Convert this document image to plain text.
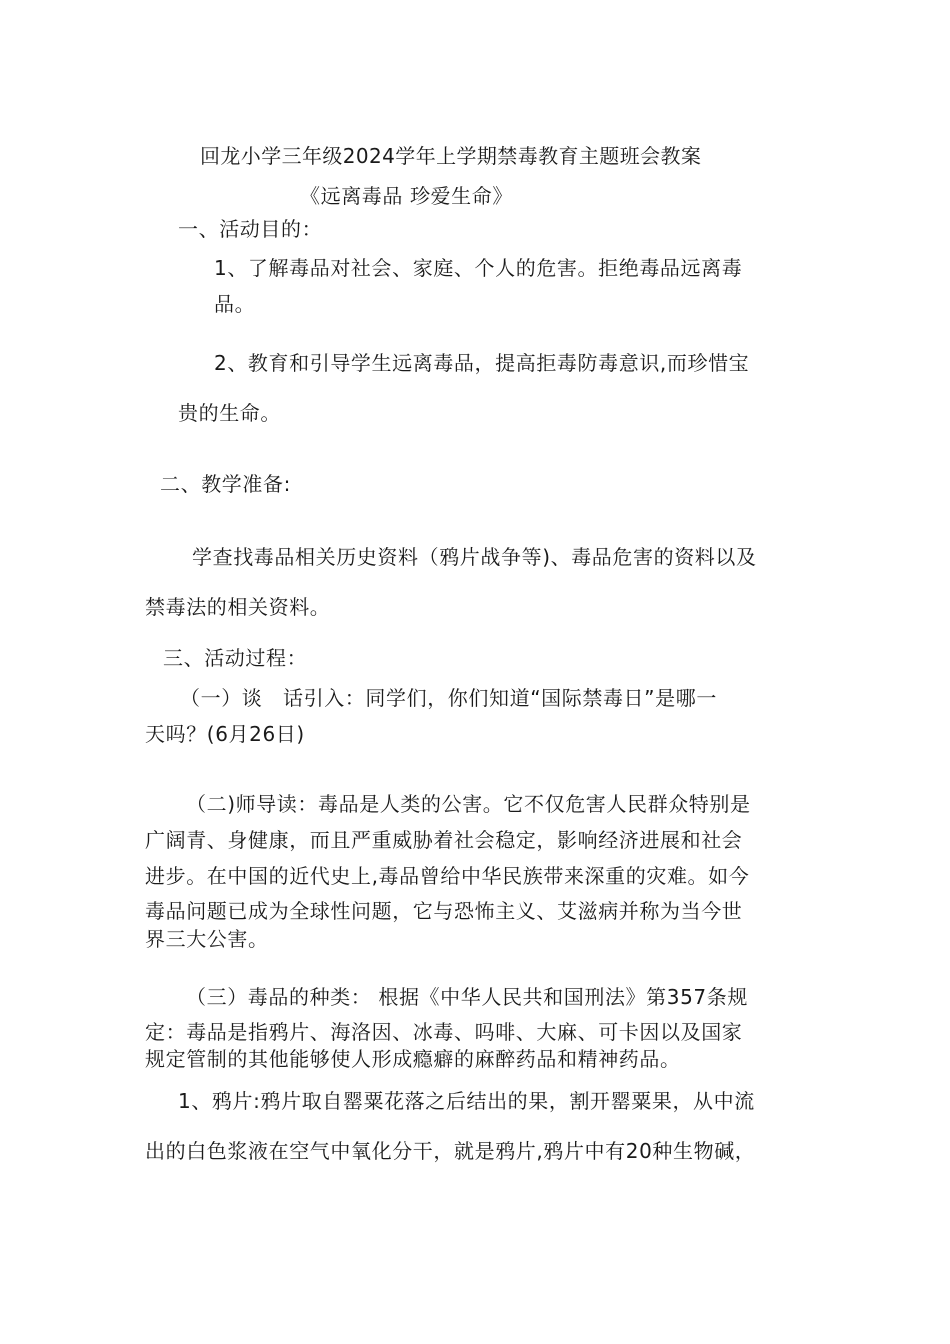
回龙小学三年级2024学年上学期禁毒教育主题班会教案
《远离毒品 珍爱生命》
一、活动目的：
1、了解毒品对社会、家庭、个人的危害。拒绝毒品远离毒
品。
2、教育和引导学生远离毒品，提高拒毒防毒意识,而珍惜宝
贵的生命。
二、教学准备:
学查找毒品相关历史资料（鸦片战争等)、毒品危害的资料以及
禁毒法的相关资料。
三、活动过程：
（一）谈　话引入：同学们，你们知道“国际禁毒日”是哪一
天吗？(6月26日)
（二)师导读：毒品是人类的公害。它不仅危害人民群众特别是
广阔青、身健康，而且严重威胁着社会稳定，影响经济进展和社会
进步。在中国的近代史上,毒品曾给中华民族带来深重的灾难。如今
毒品问题已成为全球性问题，它与恐怖主义、艾滋病并称为当今世
界三大公害。
（三）毒品的种类： 根据《中华人民共和国刑法》第357条规
定：毒品是指鸦片、海洛因、冰毒、吗啡、大麻、可卡因以及国家
规定管制的其他能够使人形成瘾癖的麻醉药品和精神药品。
1、鸦片:鸦片取自罂粟花落之后结出的果，割开罂粟果，从中流
出的白色浆液在空气中氧化分干，就是鸦片,鸦片中有20种生物碱，
